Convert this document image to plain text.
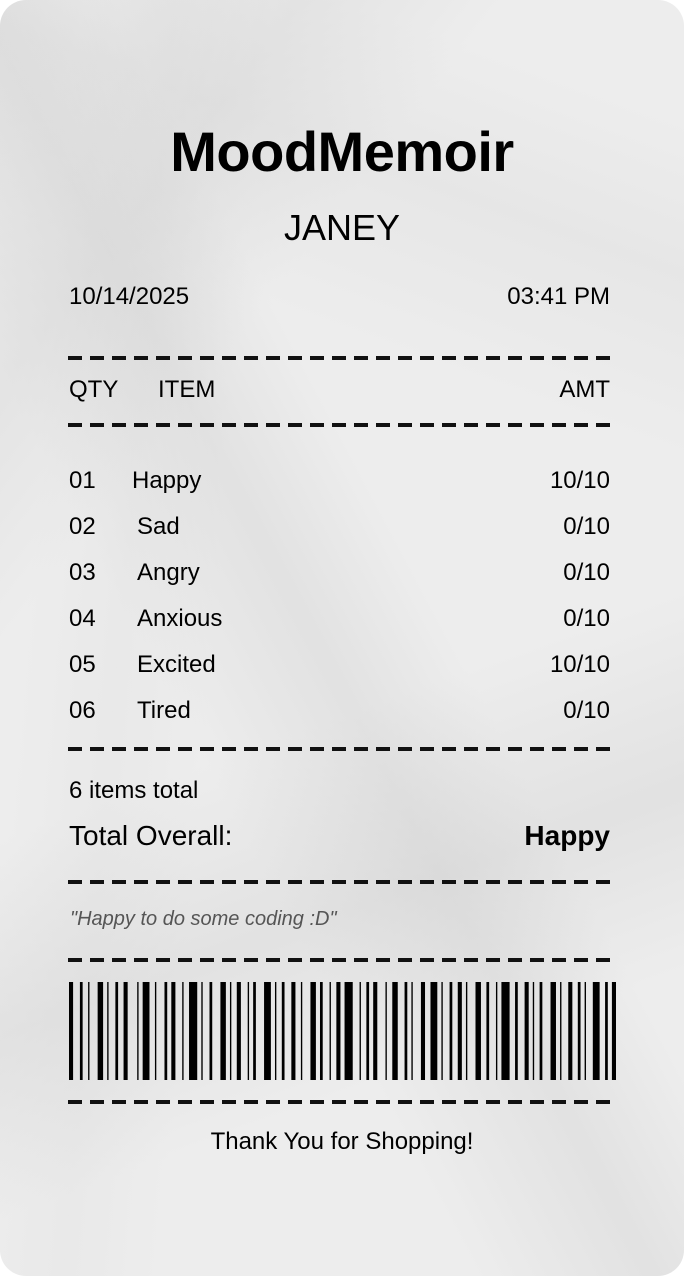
MoodMemoir
JANEY
10/14/2025	03:41 PM
QTY	ITEM	AMT
01	Happy	10/10
02	Sad	0/10
03	Angry	0/10
04	Anxious	0/10
05	Excited	10/10
06	Tired	0/10
6 items total
Total Overall:	Happy
"Happy to do some coding :D"
Thank You for Shopping!
